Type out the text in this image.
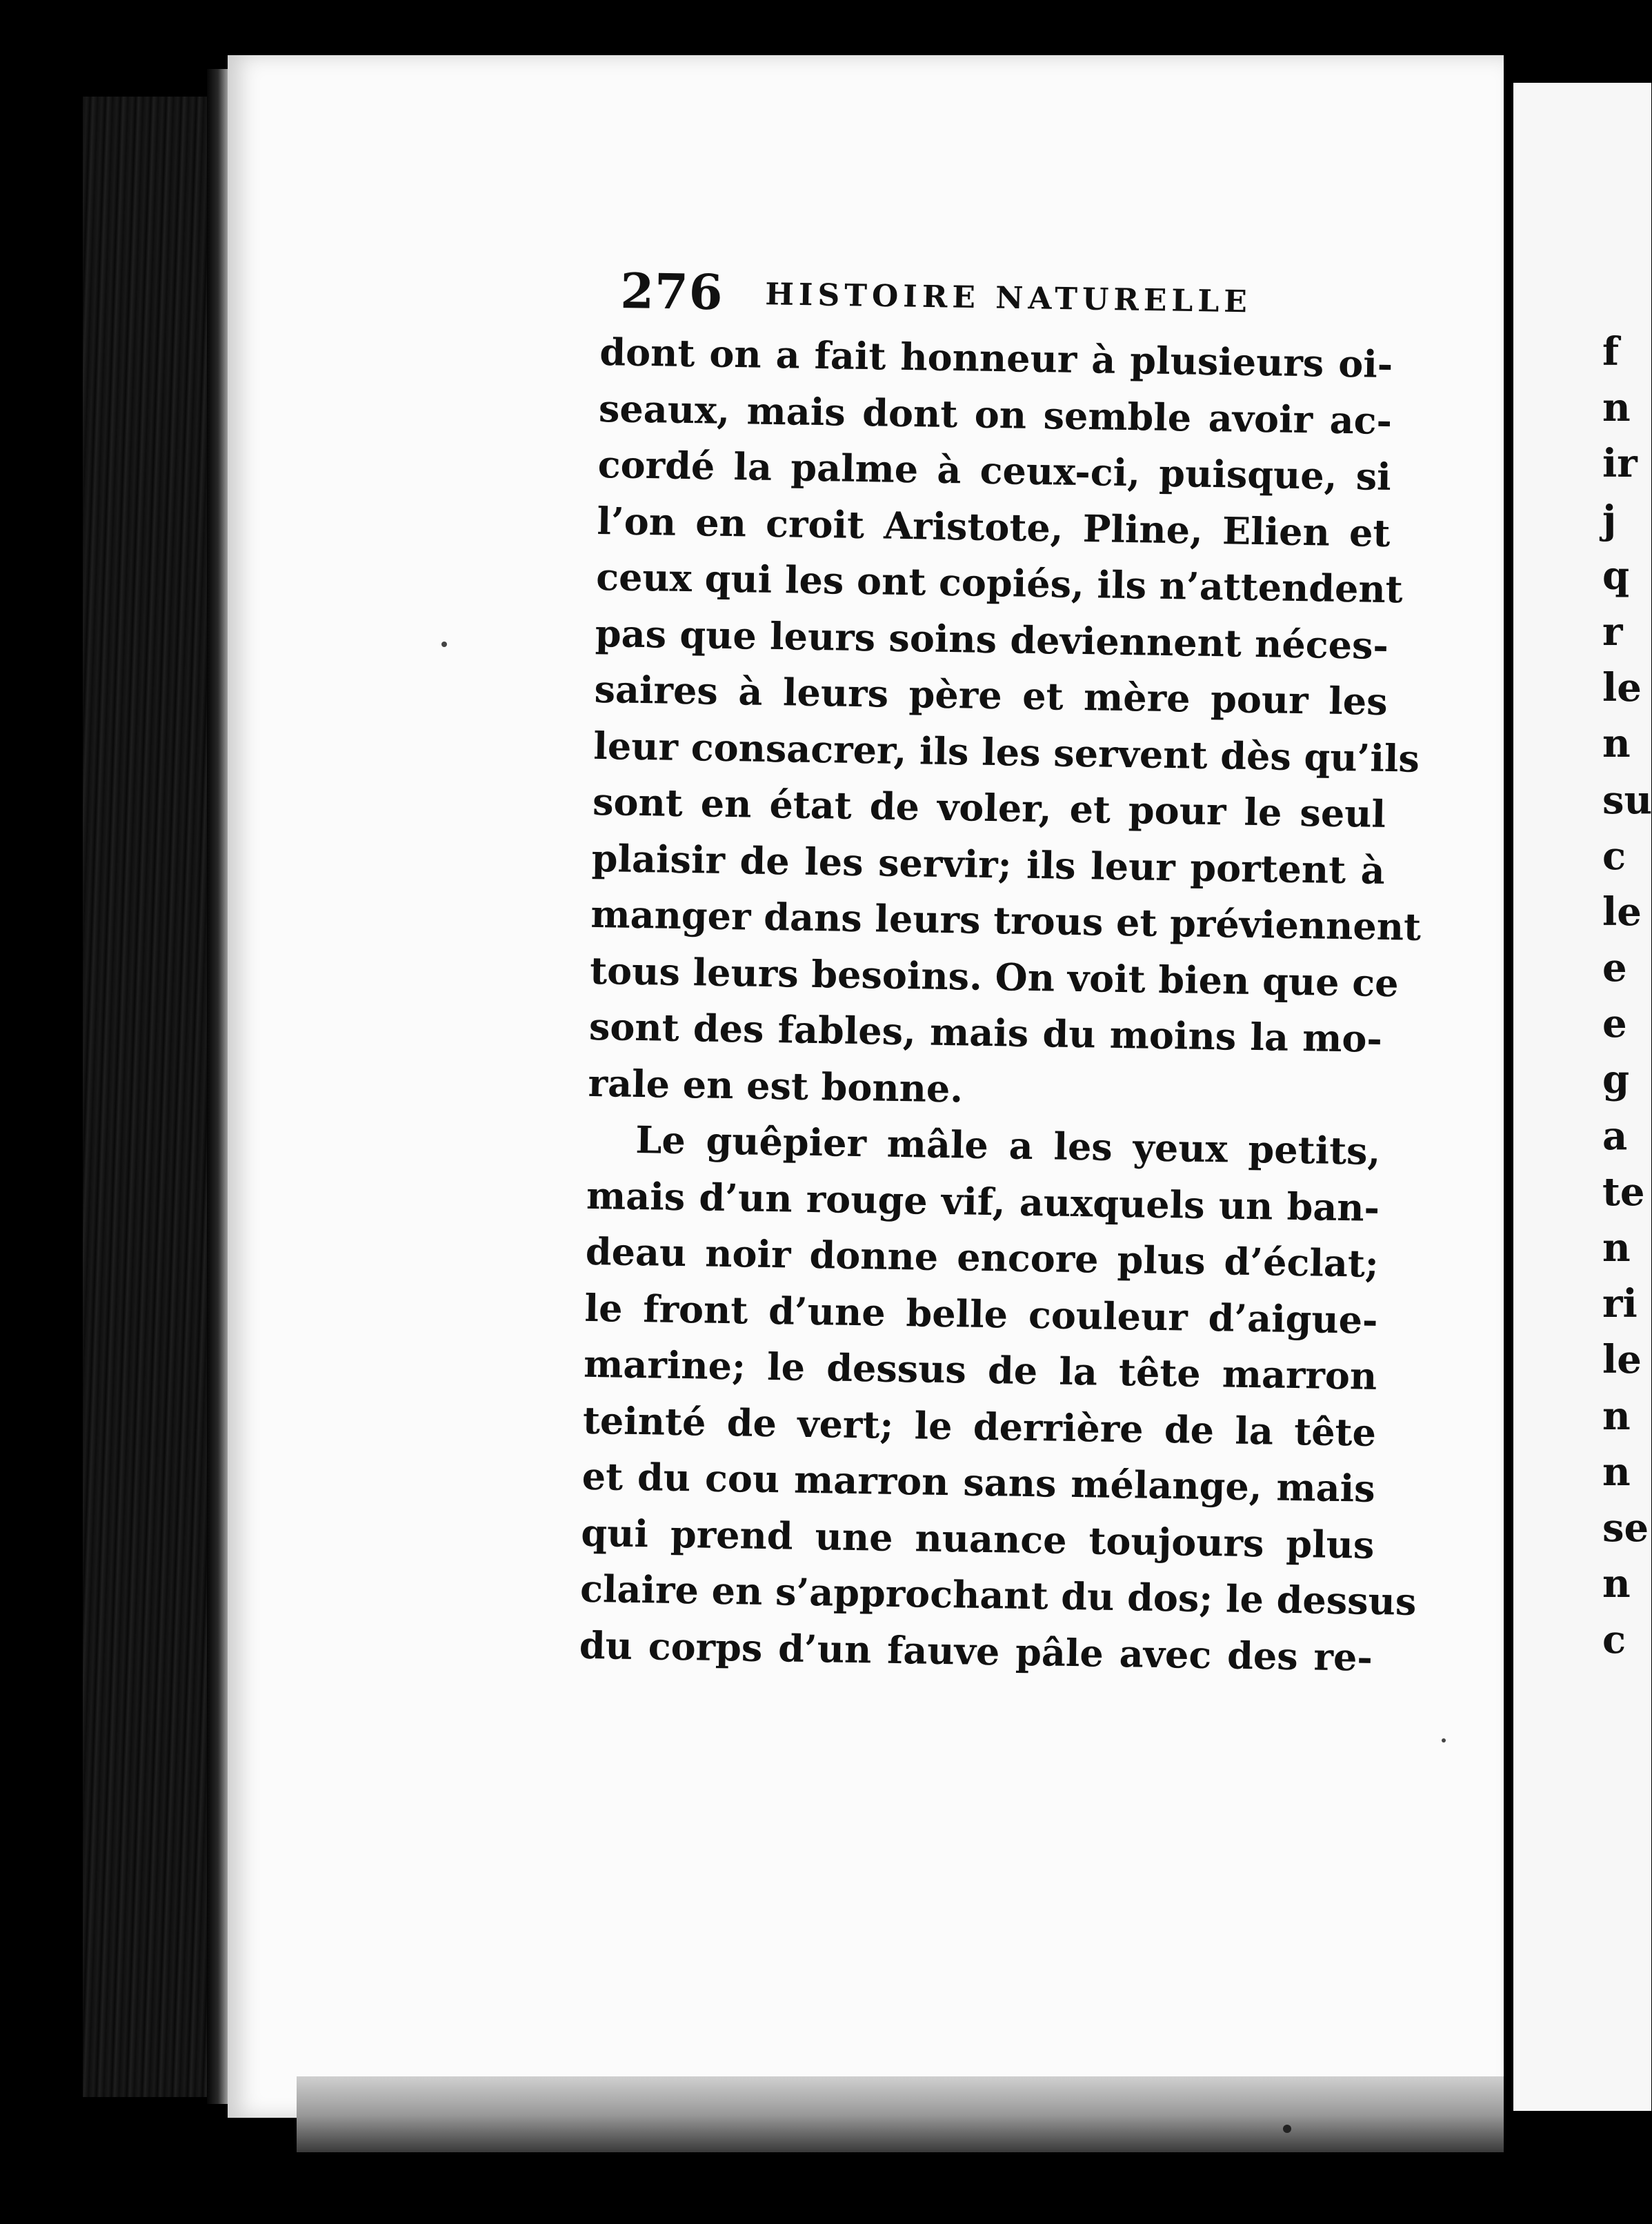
f
n
ir
j
q
r
le
n
su
c
le
e
e
g
a
te
n
ri
le
n
n
se
n
c
276 HISTOIRE NATURELLE
dont on a fait honneur à plusieurs oi-
seaux, mais dont on semble avoir ac-
cordé la palme à ceux-ci, puisque, si
l’on en croit Aristote, Pline, Elien et
ceux qui les ont copiés, ils n’attendent
pas que leurs soins deviennent néces-
saires à leurs père et mère pour les
leur consacrer, ils les servent dès qu’ils
sont en état de voler, et pour le seul
plaisir de les servir; ils leur portent à
manger dans leurs trous et préviennent
tous leurs besoins. On voit bien que ce
sont des fables, mais du moins la mo-
rale en est bonne.
Le guêpier mâle a les yeux petits,
mais d’un rouge vif, auxquels un ban-
deau noir donne encore plus d’éclat;
le front d’une belle couleur d’aigue-
marine; le dessus de la tête marron
teinté de vert; le derrière de la tête
et du cou marron sans mélange, mais
qui prend une nuance toujours plus
claire en s’approchant du dos; le dessus
du corps d’un fauve pâle avec des re-
